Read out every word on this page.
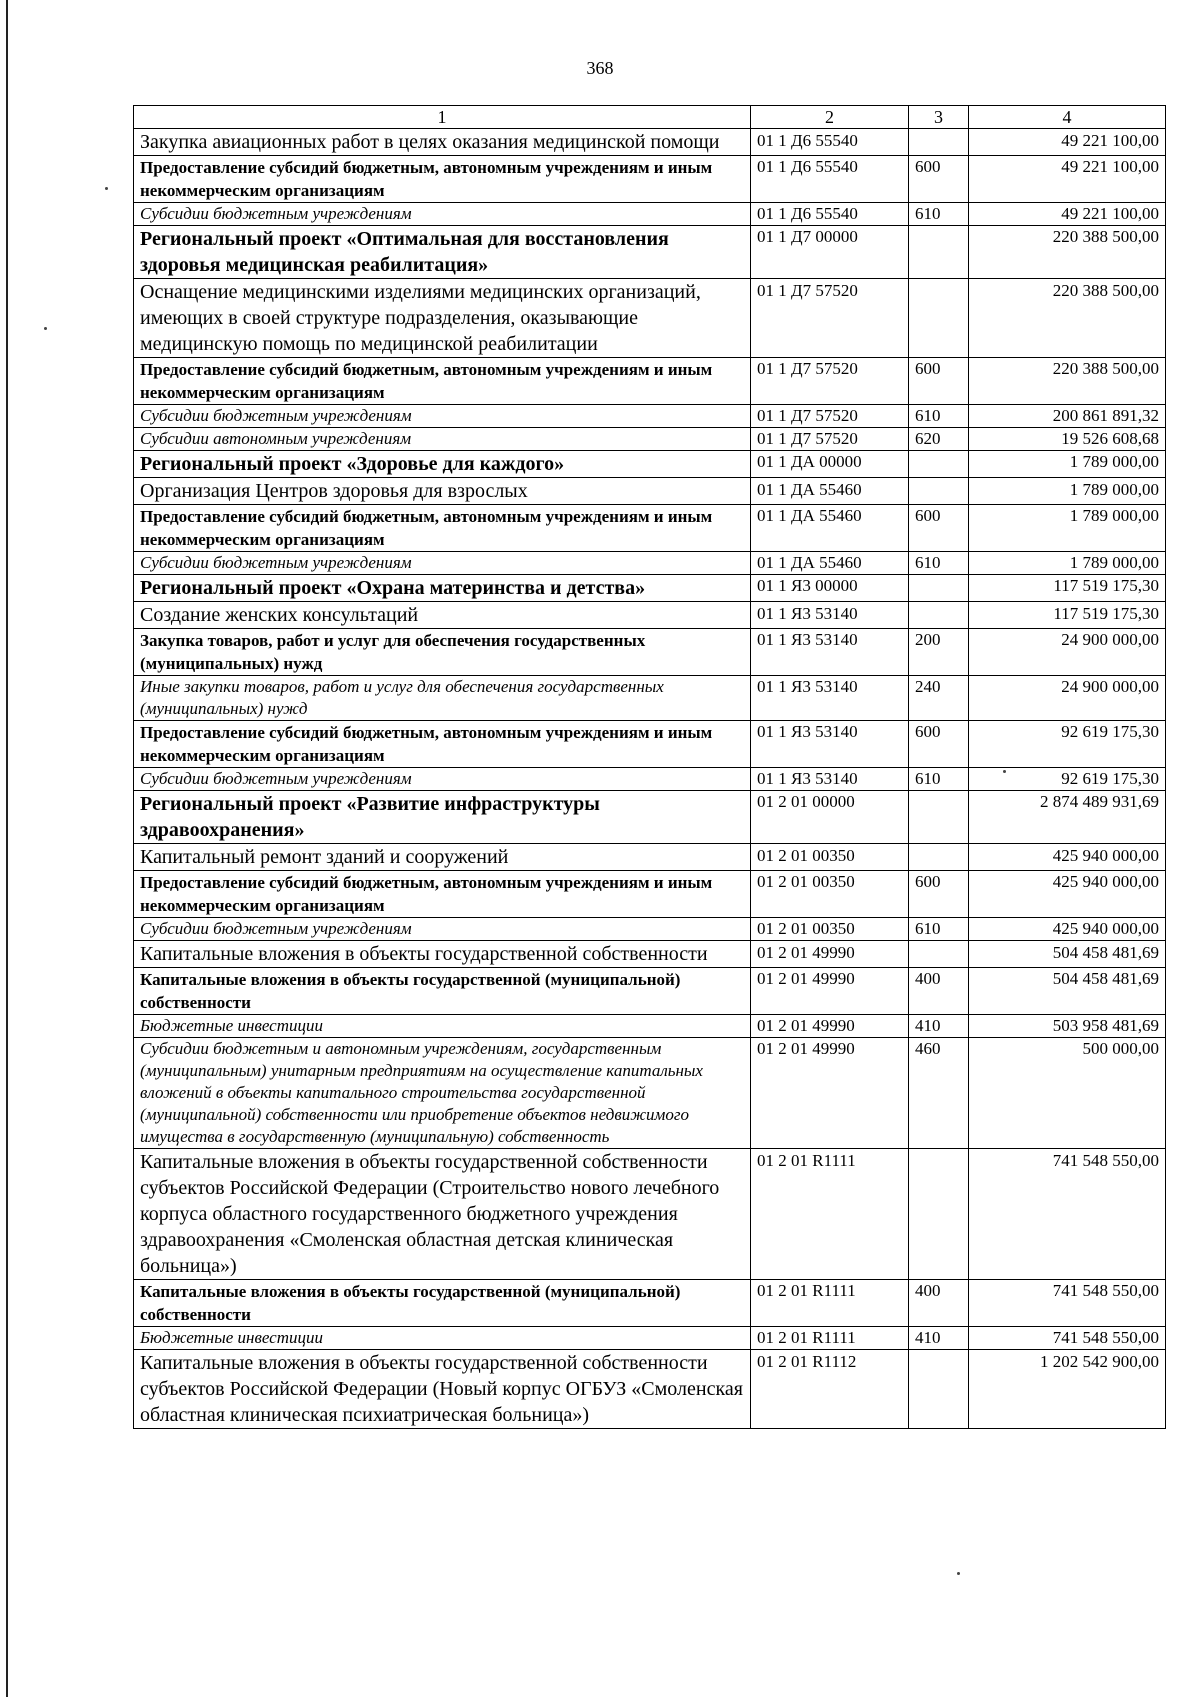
368
1	2	3	4
Закупка авиационных работ в целях оказания медицинской помощи	01 1 Д6 55540		49 221 100,00
Предоставление субсидий бюджетным, автономным учреждениям и иным некоммерческим организациям	01 1 Д6 55540	600	49 221 100,00
Субсидии бюджетным учреждениям	01 1 Д6 55540	610	49 221 100,00
Региональный проект «Оптимальная для восстановления здоровья медицинская реабилитация»	01 1 Д7 00000		220 388 500,00
Оснащение медицинскими изделиями медицинских организаций, имеющих в своей структуре подразделения, оказывающие медицинскую помощь по медицинской реабилитации	01 1 Д7 57520		220 388 500,00
Предоставление субсидий бюджетным, автономным учреждениям и иным некоммерческим организациям	01 1 Д7 57520	600	220 388 500,00
Субсидии бюджетным учреждениям	01 1 Д7 57520	610	200 861 891,32
Субсидии автономным учреждениям	01 1 Д7 57520	620	19 526 608,68
Региональный проект «Здоровье для каждого»	01 1 ДА 00000		1 789 000,00
Организация Центров здоровья для взрослых	01 1 ДА 55460		1 789 000,00
Предоставление субсидий бюджетным, автономным учреждениям и иным некоммерческим организациям	01 1 ДА 55460	600	1 789 000,00
Субсидии бюджетным учреждениям	01 1 ДА 55460	610	1 789 000,00
Региональный проект «Охрана материнства и детства»	01 1 Я3 00000		117 519 175,30
Создание женских консультаций	01 1 Я3 53140		117 519 175,30
Закупка товаров, работ и услуг для обеспечения государственных (муниципальных) нужд	01 1 Я3 53140	200	24 900 000,00
Иные закупки товаров, работ и услуг для обеспечения государственных (муниципальных) нужд	01 1 Я3 53140	240	24 900 000,00
Предоставление субсидий бюджетным, автономным учреждениям и иным некоммерческим организациям	01 1 Я3 53140	600	92 619 175,30
Субсидии бюджетным учреждениям	01 1 Я3 53140	610	92 619 175,30
Региональный проект «Развитие инфраструктуры здравоохранения»	01 2 01 00000		2 874 489 931,69
Капитальный ремонт зданий и сооружений	01 2 01 00350		425 940 000,00
Предоставление субсидий бюджетным, автономным учреждениям и иным некоммерческим организациям	01 2 01 00350	600	425 940 000,00
Субсидии бюджетным учреждениям	01 2 01 00350	610	425 940 000,00
Капитальные вложения в объекты государственной собственности	01 2 01 49990		504 458 481,69
Капитальные вложения в объекты государственной (муниципальной) собственности	01 2 01 49990	400	504 458 481,69
Бюджетные инвестиции	01 2 01 49990	410	503 958 481,69
Субсидии бюджетным и автономным учреждениям, государственным (муниципальным) унитарным предприятиям на осуществление капитальных вложений в объекты капитального строительства государственной (муниципальной) собственности или приобретение объектов недвижимого имущества в государственную (муниципальную) собственность	01 2 01 49990	460	500 000,00
Капитальные вложения в объекты государственной собственности субъектов Российской Федерации (Строительство нового лечебного корпуса областного государственного бюджетного учреждения здравоохранения «Смоленская областная детская клиническая больница»)	01 2 01 R1111		741 548 550,00
Капитальные вложения в объекты государственной (муниципальной) собственности	01 2 01 R1111	400	741 548 550,00
Бюджетные инвестиции	01 2 01 R1111	410	741 548 550,00
Капитальные вложения в объекты государственной собственности субъектов Российской Федерации (Новый корпус ОГБУЗ «Смоленская областная клиническая психиатрическая больница»)	01 2 01 R1112		1 202 542 900,00
